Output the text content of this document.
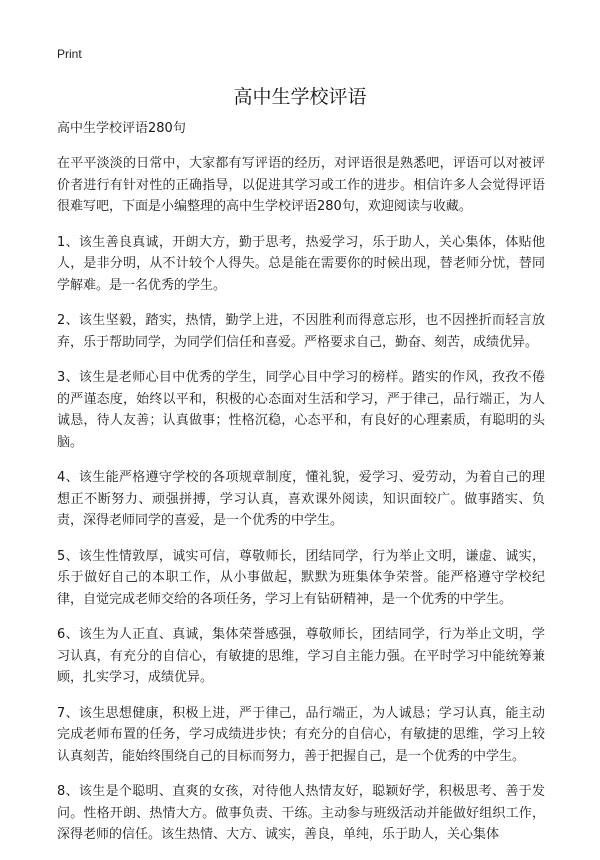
Print
高中生学校评语

高中生学校评语280句

在平平淡淡的日常中，大家都有写评语的经历，对评语很是熟悉吧，评语可以对被评价者进行有针对性的正确指导，以促进其学习或工作的进步。相信许多人会觉得评语很难写吧，下面是小编整理的高中生学校评语280句，欢迎阅读与收藏。

1、该生善良真诚，开朗大方，勤于思考，热爱学习，乐于助人，关心集体，体贴他人，是非分明，从不计较个人得失。总是能在需要你的时候出现，替老师分忧，替同学解难。是一名优秀的学生。

2、该生坚毅，踏实，热情，勤学上进，不因胜利而得意忘形，也不因挫折而轻言放弃，乐于帮助同学，为同学们信任和喜爱。严格要求自己，勤奋、刻苦，成绩优异。

3、该生是老师心目中优秀的学生，同学心目中学习的榜样。踏实的作风，孜孜不倦的严谨态度，始终以平和，积极的心态面对生活和学习，严于律己，品行端正，为人诚恳，待人友善；认真做事；性格沉稳，心态平和，有良好的心理素质，有聪明的头脑。

4、该生能严格遵守学校的各项规章制度，懂礼貌，爱学习、爱劳动，为着自己的理想正不断努力、顽强拼搏，学习认真，喜欢课外阅读，知识面较广。做事踏实、负责，深得老师同学的喜爱，是一个优秀的中学生。

5、该生性情敦厚，诚实可信，尊敬师长，团结同学，行为举止文明，谦虚、诚实，乐于做好自己的本职工作，从小事做起，默默为班集体争荣誉。能严格遵守学校纪律，自觉完成老师交给的各项任务，学习上有钻研精神，是一个优秀的中学生。

6、该生为人正直、真诚，集体荣誉感强，尊敬师长，团结同学，行为举止文明，学习认真，有充分的自信心，有敏捷的思维，学习自主能力强。在平时学习中能统筹兼顾，扎实学习，成绩优异。

7、该生思想健康，积极上进，严于律己，品行端正，为人诚恳；学习认真，能主动完成老师布置的任务，学习成绩进步快；有充分的自信心，有敏捷的思维，学习上较认真刻苦，能始终围绕自己的目标而努力，善于把握自己，是一个优秀的中学生。

8、该生是个聪明、直爽的女孩，对待他人热情友好，聪颖好学，积极思考、善于发问。性格开朗、热情大方。做事负责、干练。主动参与班级活动并能做好组织工作，深得老师的信任。该生热情、大方、诚实，善良，单纯，乐于助人，关心集体
